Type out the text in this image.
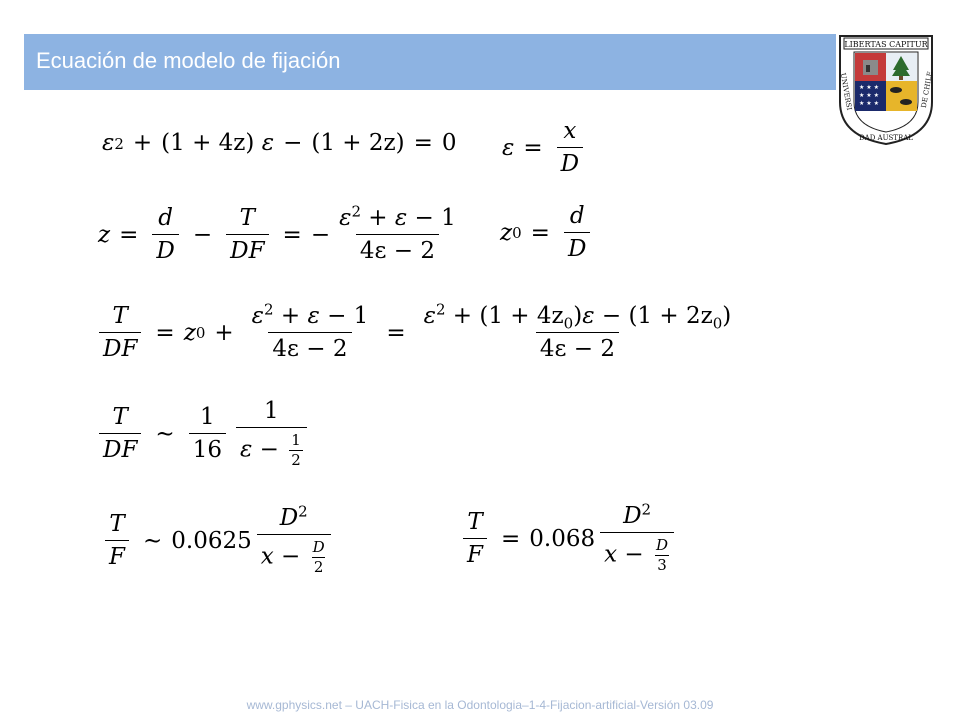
Ecuación de modelo de fijación
LIBERTAS CAPITUR
★ ★ ★
★ ★ ★
★ ★ ★
UNIVERSI	DE CHILE
DAD AUSTRAL
ε 2 + (1 + 4z)
ε − (1 + 2z) = 0 $\varepsilon = \frac{x}{D}$
$z = \frac{d}{D} - \frac{T}{DF}$ = − $\frac{\varepsilon^2 + \varepsilon - 1}{4\varepsilon - 2}$ z $0 = \frac{d}{D}$
$\frac{T}{DF} = z$ $0 + \frac{\varepsilon^2 + \varepsilon - 1}{4\varepsilon - 2} = \frac{\varepsilon^2 + (1 + 4z_0)\varepsilon - (1 + 2z_0)}{4\varepsilon - 2}$
$\frac{T}{DF}$ ∼ $\frac{1}{16} \frac{1}{\varepsilon - \frac{1}{2}}$
$\frac{T}{F}$ ∼ $0.0625 \frac{D^2}{x - \frac{D}{2}}$	$\frac{T}{F} = 0.068 \frac{D^2}{x - \frac{D}{3}}$
www.gphysics.net – UACH-Fisica en la Odontologia–1-4-Fijacion-artificial-Versión 03.09
